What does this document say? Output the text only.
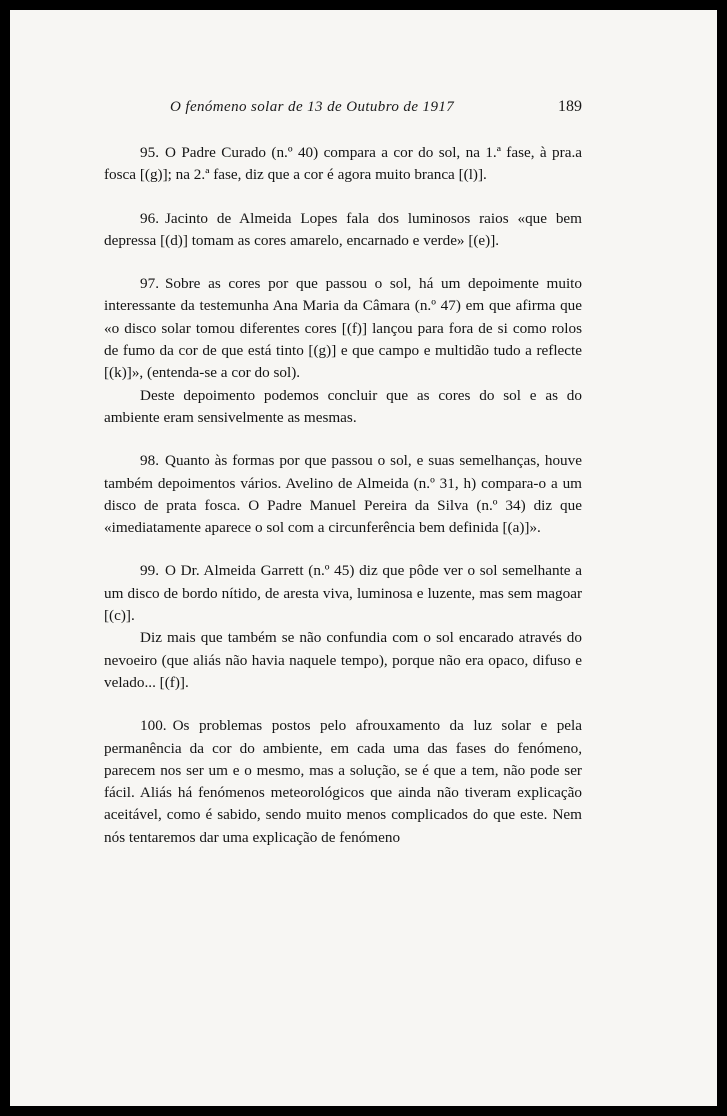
O fenómeno solar de 13 de Outubro de 1917	189

95. O Padre Curado (n.º 40) compara a cor do sol, na 1.ª fase, à pra.a fosca [(g)]; na 2.ª fase, diz que a cor é agora muito branca [(l)].

96. Jacinto de Almeida Lopes fala dos luminosos raios «que bem depressa [(d)] tomam as cores amarelo, encarnado e verde» [(e)].

97. Sobre as cores por que passou o sol, há um depoimente muito interessante da testemunha Ana Maria da Câmara (n.º 47) em que afirma que «o disco solar tomou diferentes cores [(f)] lançou para fora de si como rolos de fumo da cor de que está tinto [(g)] e que campo e multidão tudo a reflecte [(k)]», (entenda-se a cor do sol).

Deste depoimento podemos concluir que as cores do sol e as do ambiente eram sensivelmente as mesmas.

98. Quanto às formas por que passou o sol, e suas semelhanças, houve também depoimentos vários. Avelino de Almeida (n.º 31, h) compara-o a um disco de prata fosca. O Padre Manuel Pereira da Silva (n.º 34) diz que «imediatamente aparece o sol com a circunferência bem definida [(a)]».

99. O Dr. Almeida Garrett (n.º 45) diz que pôde ver o sol semelhante a um disco de bordo nítido, de aresta viva, luminosa e luzente, mas sem magoar [(c)].

Diz mais que também se não confundia com o sol encarado através do nevoeiro (que aliás não havia naquele tempo), porque não era opaco, difuso e velado... [(f)].

100. Os problemas postos pelo afrouxamento da luz solar e pela permanência da cor do ambiente, em cada uma das fases do fenómeno, parecem nos ser um e o mesmo, mas a solução, se é que a tem, não pode ser fácil. Aliás há fenómenos meteorológicos que ainda não tiveram explicação aceitável, como é sabido, sendo muito menos complicados do que este. Nem nós tentaremos dar uma explicação de fenómeno
